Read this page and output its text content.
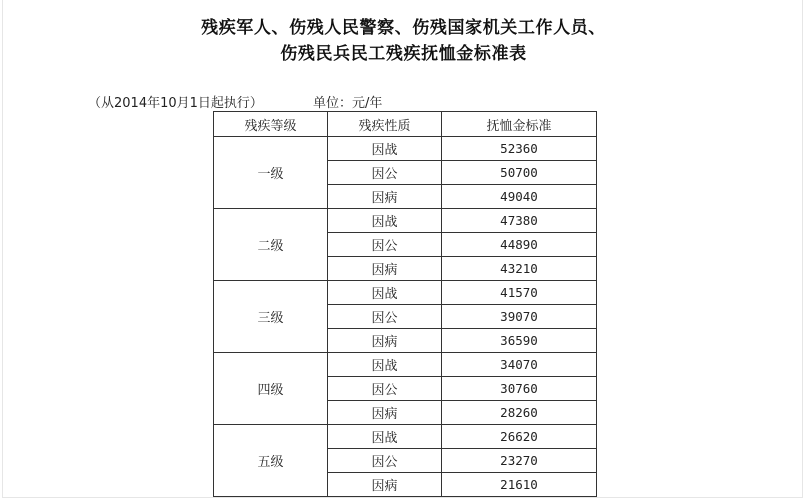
残疾军人、伤残人民警察、伤残国家机关工作人员、
伤残民兵民工残疾抚恤金标准表
（从2014年10月1日起执行）	单位：元/年
残疾等级	残疾性质	抚恤金标准
一级	因战	52360
	因公	50700
	因病	49040
二级	因战	47380
	因公	44890
	因病	43210
三级	因战	41570
	因公	39070
	因病	36590
四级	因战	34070
	因公	30760
	因病	28260
五级	因战	26620
	因公	23270
	因病	21610
